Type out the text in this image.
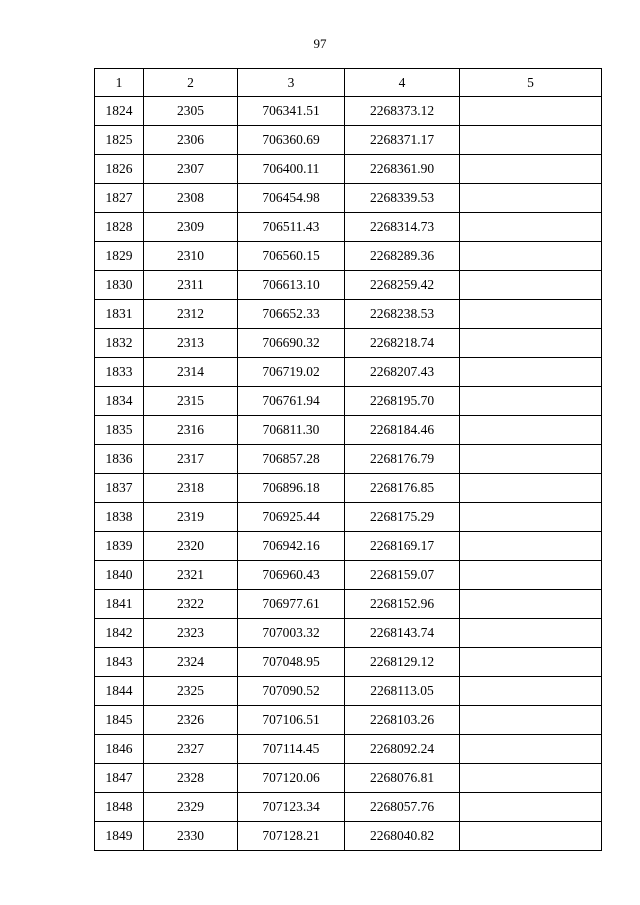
97
1	2	3	4	5
1824	2305	706341.51	2268373.12	
1825	2306	706360.69	2268371.17	
1826	2307	706400.11	2268361.90	
1827	2308	706454.98	2268339.53	
1828	2309	706511.43	2268314.73	
1829	2310	706560.15	2268289.36	
1830	2311	706613.10	2268259.42	
1831	2312	706652.33	2268238.53	
1832	2313	706690.32	2268218.74	
1833	2314	706719.02	2268207.43	
1834	2315	706761.94	2268195.70	
1835	2316	706811.30	2268184.46	
1836	2317	706857.28	2268176.79	
1837	2318	706896.18	2268176.85	
1838	2319	706925.44	2268175.29	
1839	2320	706942.16	2268169.17	
1840	2321	706960.43	2268159.07	
1841	2322	706977.61	2268152.96	
1842	2323	707003.32	2268143.74	
1843	2324	707048.95	2268129.12	
1844	2325	707090.52	2268113.05	
1845	2326	707106.51	2268103.26	
1846	2327	707114.45	2268092.24	
1847	2328	707120.06	2268076.81	
1848	2329	707123.34	2268057.76	
1849	2330	707128.21	2268040.82	
